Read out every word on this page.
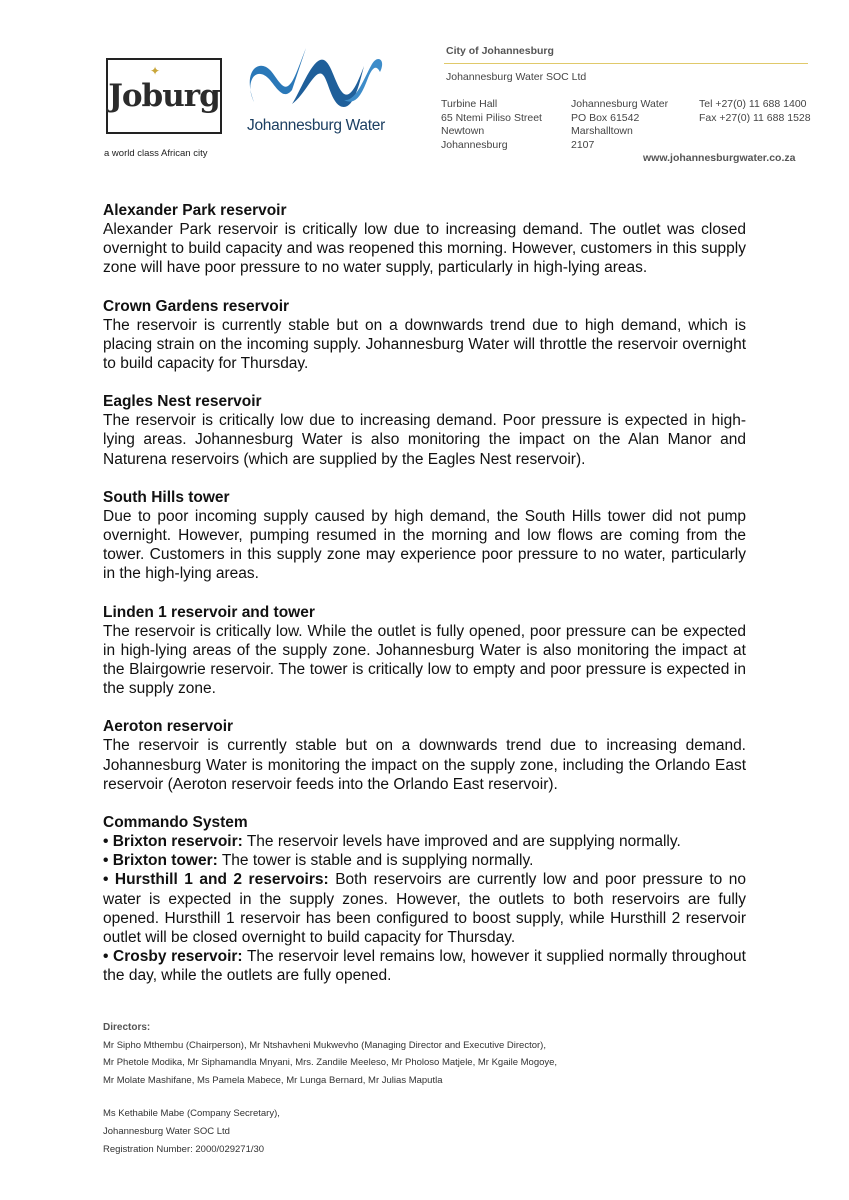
✦
Joburg
a world class African city
Johannesburg Water
City of Johannesburg
Johannesburg Water SOC Ltd
Turbine Hall
65 Ntemi Piliso Street
Newtown
Johannesburg
Johannesburg Water
PO Box 61542
Marshalltown
2107
Tel +27(0) 11 688 1400
Fax +27(0) 11 688 1528
www.johannesburgwater.co.za
Alexander Park reservoir

Alexander Park reservoir is critically low due to increasing demand. The outlet was closed overnight to build capacity and was reopened this morning. However, customers in this supply zone will have poor pressure to no water supply, particularly in high-lying areas.

Crown Gardens reservoir

The reservoir is currently stable but on a downwards trend due to high demand, which is placing strain on the incoming supply. Johannesburg Water will throttle the reservoir overnight to build capacity for Thursday.

Eagles Nest reservoir

The reservoir is critically low due to increasing demand. Poor pressure is expected in high-lying areas. Johannesburg Water is also monitoring the impact on the Alan Manor and Naturena reservoirs (which are supplied by the Eagles Nest reservoir).

South Hills tower

Due to poor incoming supply caused by high demand, the South Hills tower did not pump overnight. However, pumping resumed in the morning and low flows are coming from the tower. Customers in this supply zone may experience poor pressure to no water, particularly in the high-lying areas.

Linden 1 reservoir and tower

The reservoir is critically low. While the outlet is fully opened, poor pressure can be expected in high-lying areas of the supply zone. Johannesburg Water is also monitoring the impact at the Blairgowrie reservoir. The tower is critically low to empty and poor pressure is expected in the supply zone.

Aeroton reservoir

The reservoir is currently stable but on a downwards trend due to increasing demand. Johannesburg Water is monitoring the impact on the supply zone, including the Orlando East reservoir (Aeroton reservoir feeds into the Orlando East reservoir).

Commando System
• Brixton reservoir: The reservoir levels have improved and are supplying normally.
• Brixton tower: The tower is stable and is supplying normally.
• Hursthill 1 and 2 reservoirs: Both reservoirs are currently low and poor pressure to no water is expected in the supply zones. However, the outlets to both reservoirs are fully opened. Hursthill 1 reservoir has been configured to boost supply, while Hursthill 2 reservoir outlet will be closed overnight to build capacity for Thursday.
• Crosby reservoir: The reservoir level remains low, however it supplied normally throughout the day, while the outlets are fully opened.
Directors:
Mr Sipho Mthembu (Chairperson), Mr Ntshavheni Mukwevho (Managing Director and Executive Director),
Mr Phetole Modika, Mr Siphamandla Mnyani, Mrs. Zandile Meeleso, Mr Pholoso Matjele, Mr Kgaile Mogoye,
Mr Molate Mashifane, Ms Pamela Mabece, Mr Lunga Bernard, Mr Julias Maputla
Ms Kethabile Mabe (Company Secretary),
Johannesburg Water SOC Ltd
Registration Number: 2000/029271/30
